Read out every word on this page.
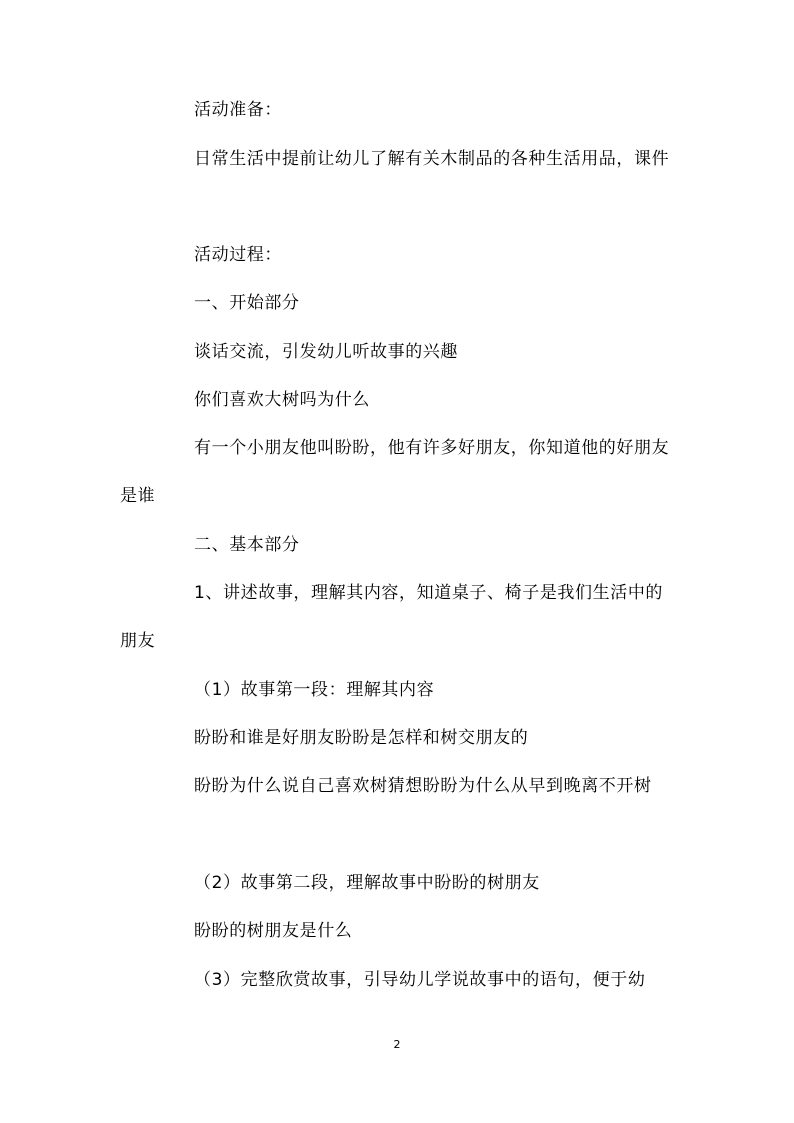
活动准备：

日常生活中提前让幼儿了解有关木制品的各种生活用品，课件

活动过程：

一、开始部分

谈话交流，引发幼儿听故事的兴趣

你们喜欢大树吗为什么

有一个小朋友他叫盼盼，他有许多好朋友，你知道他的好朋友是谁

二、基本部分

1、讲述故事，理解其内容，知道桌子、椅子是我们生活中的朋友

（1）故事第一段：理解其内容

盼盼和谁是好朋友盼盼是怎样和树交朋友的

盼盼为什么说自己喜欢树猜想盼盼为什么从早到晚离不开树

（2）故事第二段，理解故事中盼盼的树朋友

盼盼的树朋友是什么

（3）完整欣赏故事，引导幼儿学说故事中的语句，便于幼

2
